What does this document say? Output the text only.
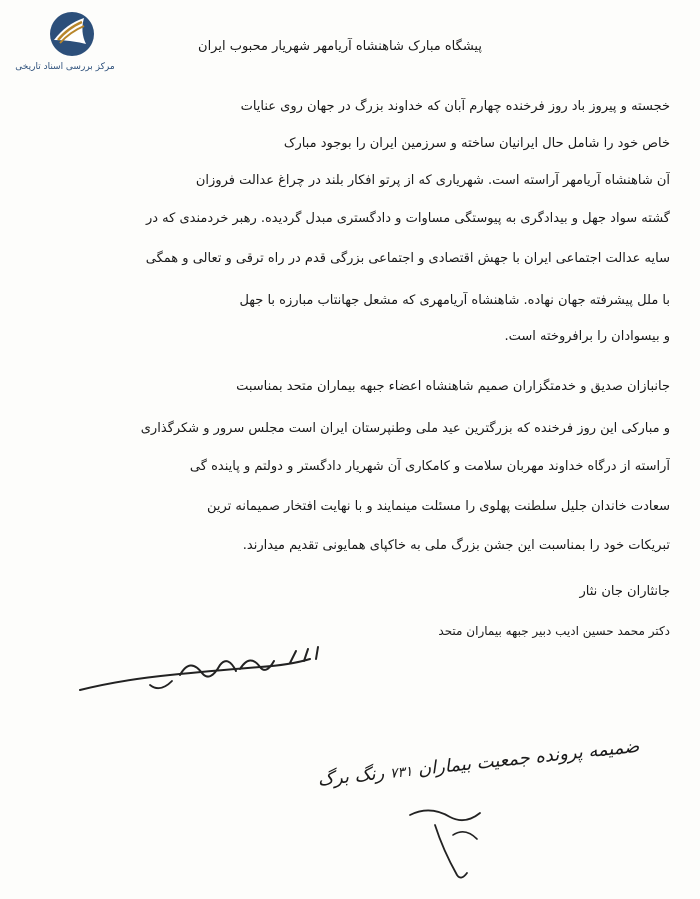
مرکز بررسی اسناد تاریخی
پیشگاه مبارک شاهنشاه آریامهر شهریار محبوب ایران
خجسته و پیروز باد روز فرخنده چهارم آبان که خداوند بزرگ در جهان روی عنایات
خاص خود را شامل حال ایرانیان ساخته و سرزمین ایران را بوجود مبارک
آن شاهنشاه آریامهر آراسته است. شهریاری که از پرتو افکار بلند در چراغ عدالت فروزان
گشته سواد جهل و بیدادگری به پیوستگی مساوات و دادگستری مبدل گردیده. رهبر خردمندی که در
سایه عدالت اجتماعی ایران با جهش اقتصادی و اجتماعی بزرگی قدم در راه ترقی و تعالی و همگی
با ملل پیشرفته جهان نهاده. شاهنشاه آریامهری که مشعل جهانتاب مبارزه با جهل
و بیسوادان را برافروخته است.
جانبازان صدیق و خدمتگزاران صمیم شاهنشاه اعضاء جبهه بیماران متحد بمناسبت
و مبارکی این روز فرخنده که بزرگترین عید ملی وطنپرستان ایران است مجلس سرور و شکرگذاری
آراسته از درگاه خداوند مهربان سلامت و کامکاری آن شهریار دادگستر و دولتم و پاینده گی
سعادت خاندان جلیل سلطنت پهلوی را مسئلت مینمایند و با نهایت افتخار صمیمانه ترین
تبریکات خود را بمناسبت این جشن بزرگ ملی به خاکپای همایونی تقدیم میدارند.
جانثاران جان نثار
دکتر محمد حسین ادیب دبیر جبهه بیماران متحد
ضمیمه پرونده جمعیت بیماران ۷۳۱ رنگ برگ
